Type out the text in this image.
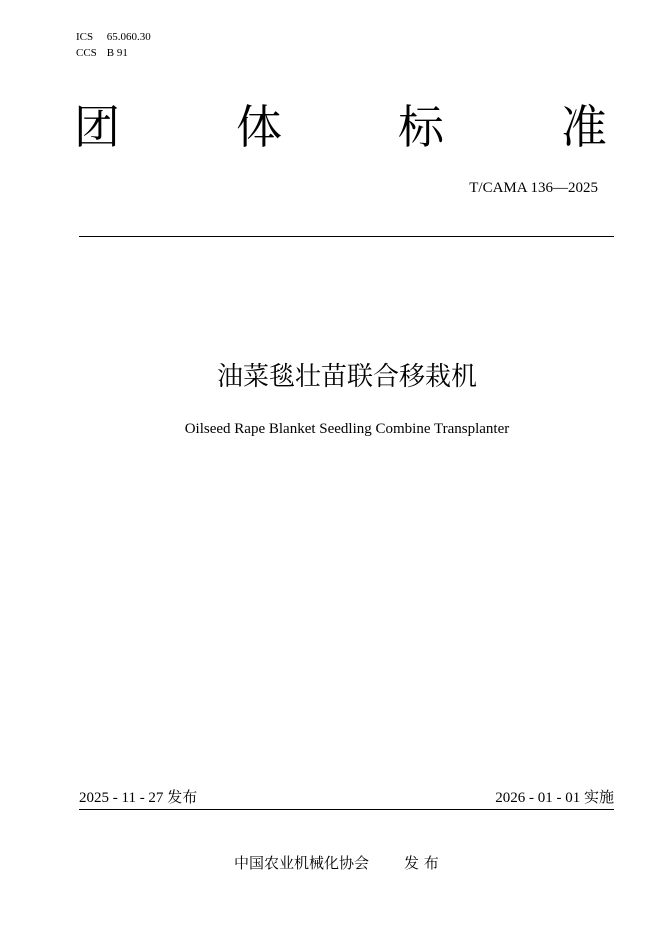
ICS 65.060.30
CCS B 91
团	体	标	准
T/CAMA 136—2025
油菜毯壮苗联合移栽机
Oilseed Rape Blanket Seedling Combine Transplanter
2025 - 11 - 27 发布	2026 - 01 - 01 实施
中国农业机械化协会 发 布
